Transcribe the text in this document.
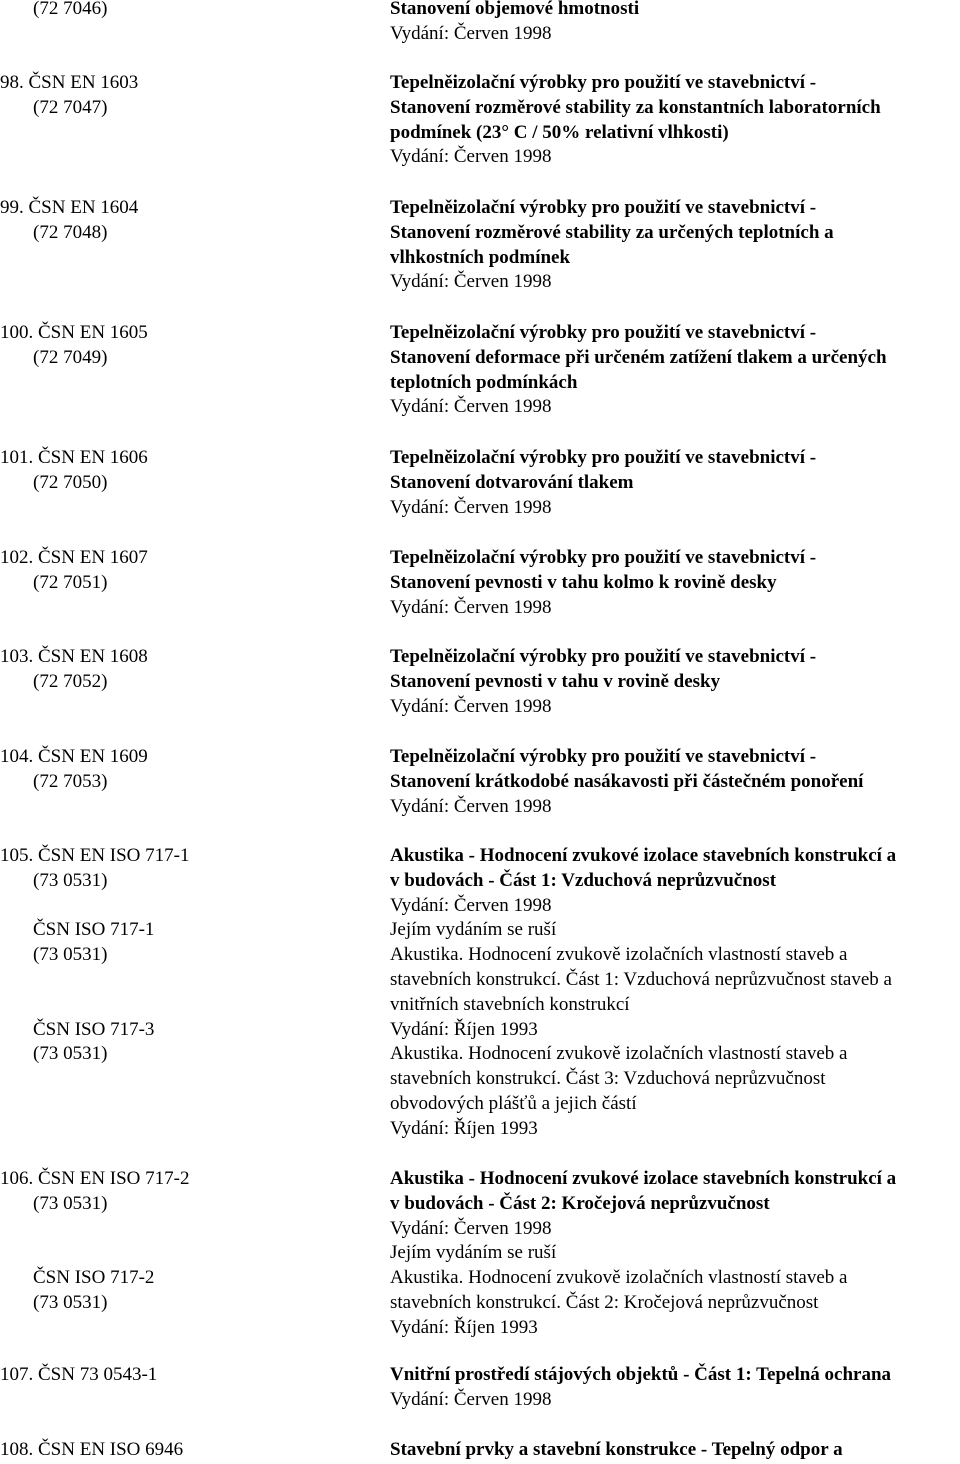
(72 7046)	Stanovení objemové hmotnosti
Vydání: Červen 1998
98. ČSN EN 1603	Tepelněizolační výrobky pro použití ve stavebnictví -
(72 7047)	Stanovení rozměrové stability za konstantních laboratorních
podmínek (23° C / 50% relativní vlhkosti)
Vydání: Červen 1998
99. ČSN EN 1604	Tepelněizolační výrobky pro použití ve stavebnictví -
(72 7048)	Stanovení rozměrové stability za určených teplotních a
vlhkostních podmínek
Vydání: Červen 1998
100. ČSN EN 1605	Tepelněizolační výrobky pro použití ve stavebnictví -
(72 7049)	Stanovení deformace při určeném zatížení tlakem a určených
teplotních podmínkách
Vydání: Červen 1998
101. ČSN EN 1606	Tepelněizolační výrobky pro použití ve stavebnictví -
(72 7050)	Stanovení dotvarování tlakem
Vydání: Červen 1998
102. ČSN EN 1607	Tepelněizolační výrobky pro použití ve stavebnictví -
(72 7051)	Stanovení pevnosti v tahu kolmo k rovině desky
Vydání: Červen 1998
103. ČSN EN 1608	Tepelněizolační výrobky pro použití ve stavebnictví -
(72 7052)	Stanovení pevnosti v tahu v rovině desky
Vydání: Červen 1998
104. ČSN EN 1609	Tepelněizolační výrobky pro použití ve stavebnictví -
(72 7053)	Stanovení krátkodobé nasákavosti při částečném ponoření
Vydání: Červen 1998
105. ČSN EN ISO 717-1	Akustika - Hodnocení zvukové izolace stavebních konstrukcí a
(73 0531)	v budovách - Část 1: Vzduchová neprůzvučnost
Vydání: Červen 1998
ČSN ISO 717-1	Jejím vydáním se ruší
(73 0531)	Akustika. Hodnocení zvukově izolačních vlastností staveb a
stavebních konstrukcí. Část 1: Vzduchová neprůzvučnost staveb a
vnitřních stavebních konstrukcí
ČSN ISO 717-3	Vydání: Říjen 1993
(73 0531)	Akustika. Hodnocení zvukově izolačních vlastností staveb a
stavebních konstrukcí. Část 3: Vzduchová neprůzvučnost
obvodových plášťů a jejich částí
Vydání: Říjen 1993
106. ČSN EN ISO 717-2	Akustika - Hodnocení zvukové izolace stavebních konstrukcí a
(73 0531)	v budovách - Část 2: Kročejová neprůzvučnost
Vydání: Červen 1998
Jejím vydáním se ruší
ČSN ISO 717-2	Akustika. Hodnocení zvukově izolačních vlastností staveb a
(73 0531)	stavebních konstrukcí. Část 2: Kročejová neprůzvučnost
Vydání: Říjen 1993
107. ČSN 73 0543-1	Vnitřní prostředí stájových objektů - Část 1: Tepelná ochrana
Vydání: Červen 1998
108. ČSN EN ISO 6946	Stavební prvky a stavební konstrukce - Tepelný odpor a
